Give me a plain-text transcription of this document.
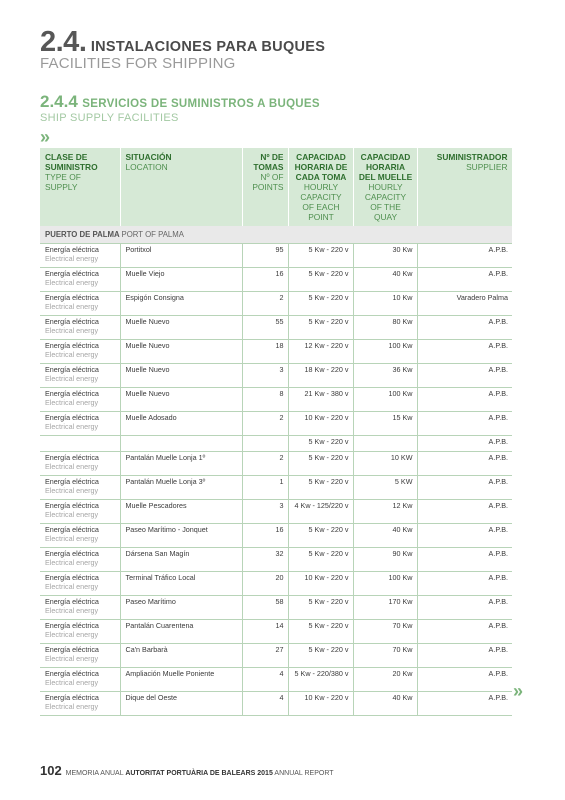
2.4. INSTALACIONES PARA BUQUES
FACILITIES FOR SHIPPING
2.4.4 SERVICIOS DE SUMINISTROS A BUQUES
SHIP SUPPLY FACILITIES
»
CLASE DE SUMINISTRO
TYPE OF SUPPLY	SITUACIÓN
LOCATION	Nº DE TOMAS
Nº OF POINTS	CAPACIDAD HORARIA DE CADA TOMA
HOURLY CAPACITY OF EACH POINT	CAPACIDAD HORARIA DEL MUELLE
HOURLY CAPACITY OF THE QUAY	SUMINISTRADOR
SUPPLIER

PUERTO DE PALMA PORT OF PALMA					
Energía eléctrica
Electrical energy	Portitxol	95	5 Kw - 220 v	30 Kw	A.P.B.
Energía eléctrica
Electrical energy	Muelle Viejo	16	5 Kw - 220 v	40 Kw	A.P.B.
Energía eléctrica
Electrical energy	Espigón Consigna	2	5 Kw - 220 v	10 Kw	Varadero Palma
Energía eléctrica
Electrical energy	Muelle Nuevo	55	5 Kw - 220 v	80 Kw	A.P.B.
Energía eléctrica
Electrical energy	Muelle Nuevo	18	12 Kw - 220 v	100 Kw	A.P.B.
Energía eléctrica
Electrical energy	Muelle Nuevo	3	18 Kw - 220 v	36 Kw	A.P.B.
Energía eléctrica
Electrical energy	Muelle Nuevo	8	21 Kw - 380 v	100 Kw	A.P.B.
Energía eléctrica
Electrical energy	Muelle Adosado	2	10 Kw - 220 v	15 Kw	A.P.B.

			5 Kw - 220 v		A.P.B.
Energía eléctrica
Electrical energy	Pantalán Muelle Lonja 1º	2	5 Kw - 220 v	10 KW	A.P.B.
Energía eléctrica
Electrical energy	Pantalán Muelle Lonja 3º	1	5 Kw - 220 v	5 KW	A.P.B.
Energía eléctrica
Electrical energy	Muelle Pescadores	3	4 Kw - 125/220 v	12 Kw	A.P.B.
Energía eléctrica
Electrical energy	Paseo Marítimo - Jonquet	16	5 Kw - 220 v	40 Kw	A.P.B.
Energía eléctrica
Electrical energy	Dársena San Magín	32	5 Kw - 220 v	90 Kw	A.P.B.
Energía eléctrica
Electrical energy	Terminal Tráfico Local	20	10 Kw - 220 v	100 Kw	A.P.B.
Energía eléctrica
Electrical energy	Paseo Marítimo	58	5 Kw - 220 v	170 Kw	A.P.B.
Energía eléctrica
Electrical energy	Pantalán Cuarentena	14	5 Kw - 220 v	70 Kw	A.P.B.
Energía eléctrica
Electrical energy	Ca'n Barbarà	27	5 Kw - 220 v	70 Kw	A.P.B.
Energía eléctrica
Electrical energy	Ampliación Muelle Poniente	4	5 Kw - 220/380 v	20 Kw	A.P.B.
Energía eléctrica
Electrical energy	Dique del Oeste	4	10 Kw - 220 v	40 Kw	A.P.B. »
102 MEMORIA ANUAL AUTORITAT PORTUÀRIA DE BALEARS 2015 ANNUAL REPORT
